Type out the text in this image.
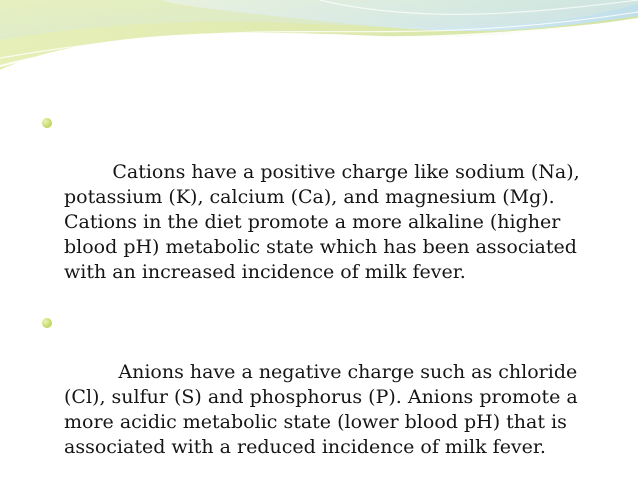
Cations have a positive charge like sodium (Na), potassium (K), calcium (Ca), and magnesium (Mg). Cations in the diet promote a more alkaline (higher blood pH) metabolic state which has been associated with an increased incidence of milk fever.

Anions have a negative charge such as chloride (Cl), sulfur (S) and phosphorus (P). Anions promote a more acidic metabolic state (lower blood pH) that is associated with a reduced incidence of milk fever.
